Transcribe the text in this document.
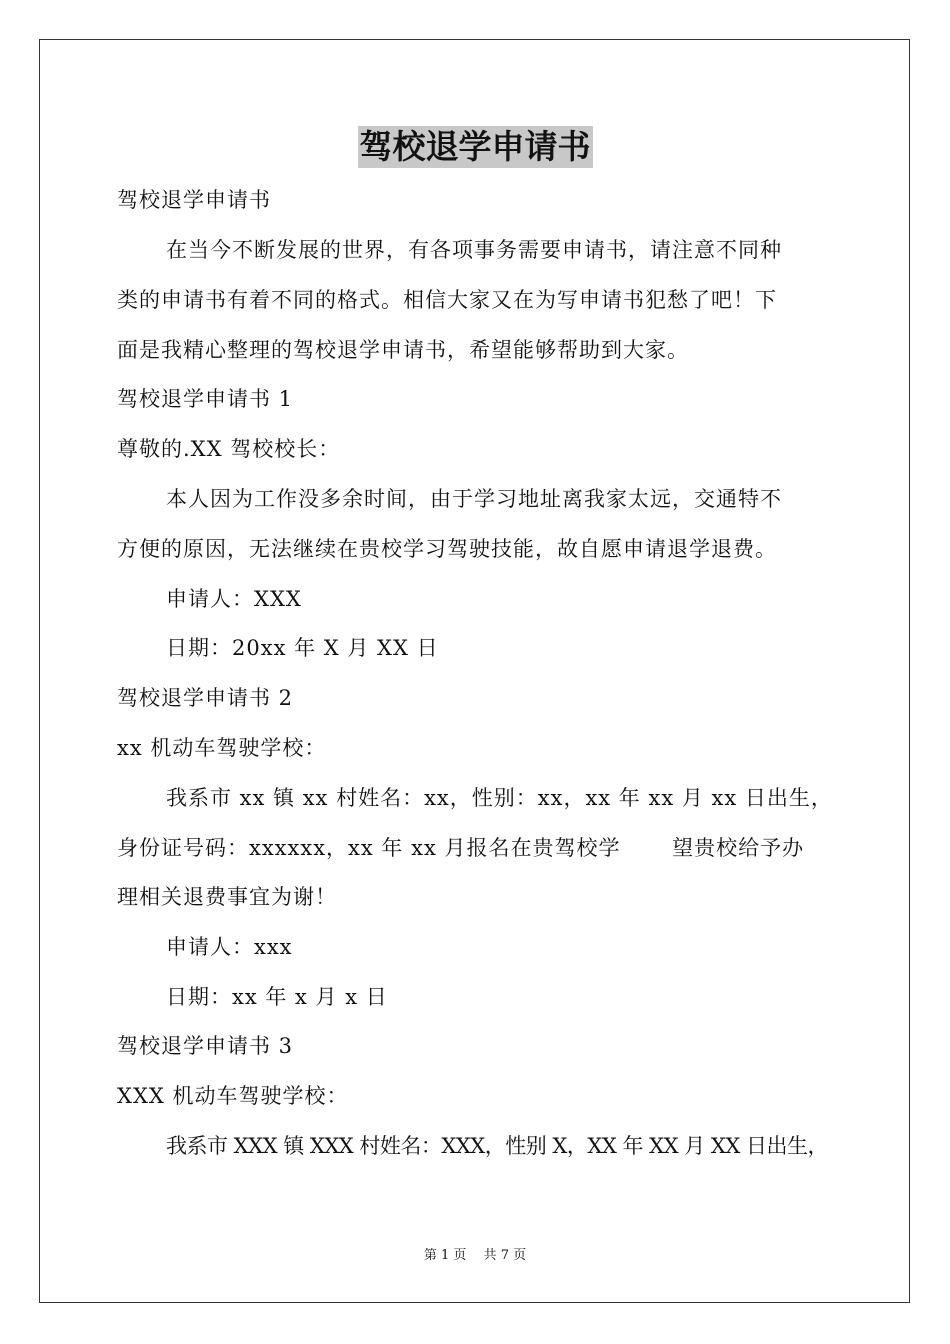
驾校退学申请书
驾校退学申请书
在当今不断发展的世界，有各项事务需要申请书，请注意不同种
类的申请书有着不同的格式。相信大家又在为写申请书犯愁了吧！下
面是我精心整理的驾校退学申请书，希望能够帮助到大家。
驾校退学申请书 1
尊敬的.XX 驾校校长：
本人因为工作没多余时间，由于学习地址离我家太远，交通特不
方便的原因，无法继续在贵校学习驾驶技能，故自愿申请退学退费。
申请人：XXX
日期：20xx 年 X 月 XX 日
驾校退学申请书 2
xx 机动车驾驶学校：
我系市 xx 镇 xx 村姓名：xx，性别：xx，xx 年 xx 月 xx 日出生，
身份证号码：xxxxxx，xx 年 xx 月报名在贵驾校学　　 望贵校给予办
理相关退费事宜为谢！
申请人：xxx
日期：xx 年 x 月 x 日
驾校退学申请书 3
XXX 机动车驾驶学校：
我系市 XXX 镇 XXX 村姓名：XXX，性别 X，XX 年 XX 月 XX 日出生，
第 1 页　 共 7 页
